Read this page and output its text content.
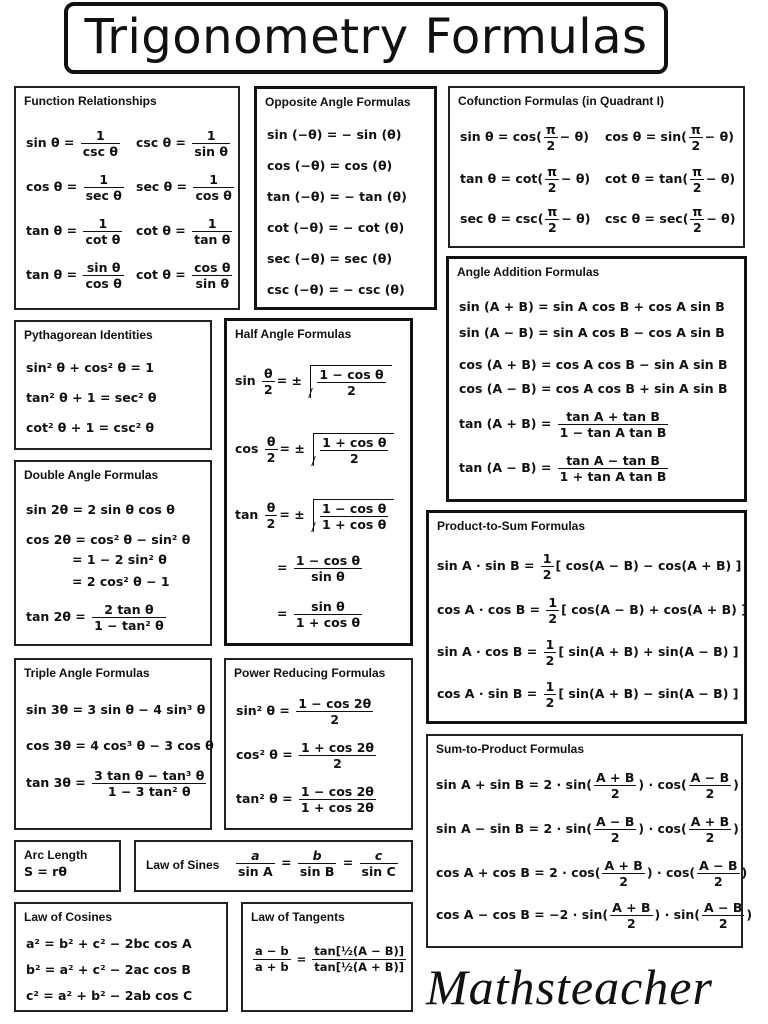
Trigonometry Formulas
Function Relationships
$\sin \theta = \frac{1}{\text{csc θ}}$ $\csc \theta = \frac{1}{\text{sin θ}}$
$\cos \theta = \frac{1}{\text{sec θ}}$ $\sec \theta = \frac{1}{\text{cos θ}}$
$\tan \theta = \frac{1}{\text{cot θ}}$ $\cot \theta = \frac{1}{\text{tan θ}}$
$\tan \theta = \frac{\text{sin θ}}{\text{cos θ}}$ $\cot \theta = \frac{\text{cos θ}}{\text{sin θ}}$
Opposite Angle Formulas
sin (−θ) = − sin (θ)
cos (−θ) = cos (θ)
tan (−θ) = − tan (θ)
cot (−θ) = − cot (θ)
sec (−θ) = sec (θ)
csc (−θ) = − csc (θ)
Cofunction Formulas (in Quadrant I)
$\sin \theta = \cos( \frac{\pi}{2} - \theta)$ $\cos \theta = \sin( \frac{\pi}{2} - \theta)$
$\tan \theta = \cot( \frac{\pi}{2} - \theta)$ $\cot \theta = \tan( \frac{\pi}{2} - \theta)$
$\sec \theta = \csc( \frac{\pi}{2} - \theta)$ $\csc \theta = \sec( \frac{\pi}{2} - \theta)$
Angle Addition Formulas
sin (A + B) = sin A cos B + cos A sin B
sin (A − B) = sin A cos B − cos A sin B
cos (A + B) = cos A cos B − sin A sin B
cos (A − B) = cos A cos B + sin A sin B
$\tan (A + B) = \frac{\text{tan A + tan B}}{\text{1 − tan A tan B}}$
$\tan (A - B) = \frac{\text{tan A − tan B}}{\text{1 + tan A tan B}}$
Pythagorean Identities
sin² θ + cos² θ = 1
tan² θ + 1 = sec² θ
cot² θ + 1 = csc² θ
Half Angle Formulas
$\sin \frac{\theta}{2}$ = ± $\frac{\text{1 − cos θ}}{2}$
$\cos \frac{\theta}{2}$ = ± $\frac{\text{1 + cos θ}}{2}$
$\tan \frac{\theta}{2}$ = ± $\frac{\text{1 − cos θ}}{\text{1 + cos θ}}$
= $\frac{\text{1 − cos θ}}{\text{sin θ}}$
= $\frac{\text{sin θ}}{\text{1 + cos θ}}$
Double Angle Formulas
sin 2θ = 2 sin θ cos θ
cos 2θ = cos² θ − sin² θ
= 1 − 2 sin² θ
= 2 cos² θ − 1
$\tan 2\theta = \frac{\text{2 tan θ}}{\text{1 − tan² θ}}$
Product-to-Sum Formulas
$\sin A \cdot \sin B = \frac{1}{2}$ [ cos(A − B) − cos(A + B) ]
$\cos A \cdot \cos B = \frac{1}{2}$ [ cos(A − B) + cos(A + B) ]
$\sin A \cdot \cos B = \frac{1}{2}$ [ sin(A + B) + sin(A − B) ]
$\cos A \cdot \sin B = \frac{1}{2}$ [ sin(A + B) − sin(A − B) ]
Triple Angle Formulas
sin 3θ = 3 sin θ − 4 sin³ θ
cos 3θ = 4 cos³ θ − 3 cos θ
$\tan 3\theta = \frac{\text{3 tan θ − tan³ θ}}{\text{1 − 3 tan² θ}}$
Power Reducing Formulas
sin² $\theta = \frac{1 - \cos 2\theta}{2}$
cos² $\theta = \frac{1 + \cos 2\theta}{2}$
tan² $\theta = \frac{1 - \cos 2\theta}{1 + \cos 2\theta}$
Sum-to-Product Formulas
$\sin A + \sin B = 2 \cdot \sin( \frac{A + B}{2}$ ) · $\cos( \frac{A - B}{2}$ )
$\sin A - \sin B = 2 \cdot \sin( \frac{A - B}{2}$ ) · $\cos( \frac{A + B}{2}$ )
$\cos A + \cos B = 2 \cdot \cos( \frac{A + B}{2}$ ) · $\cos( \frac{A - B}{2}$ )
$\cos A - \cos B = -2 \cdot \sin( \frac{A + B}{2}$ ) · $\sin( \frac{A - B}{2}$ )
Arc Length
S = rθ	Law of Sines $\frac{a}{\text{sin A}} = \frac{b}{\text{sin B}} = \frac{c}{\text{sin C}}$
Law of Cosines
a² = b² + c² − 2bc cos A
b² = a² + c² − 2ac cos B
c² = a² + b² − 2ab cos C
Law of Tangents
$\frac{a - b}{a + b} = \frac{\text{tan[½(A − B)]}}{\text{tan[½(A + B)]}}$ Mathsteacher
